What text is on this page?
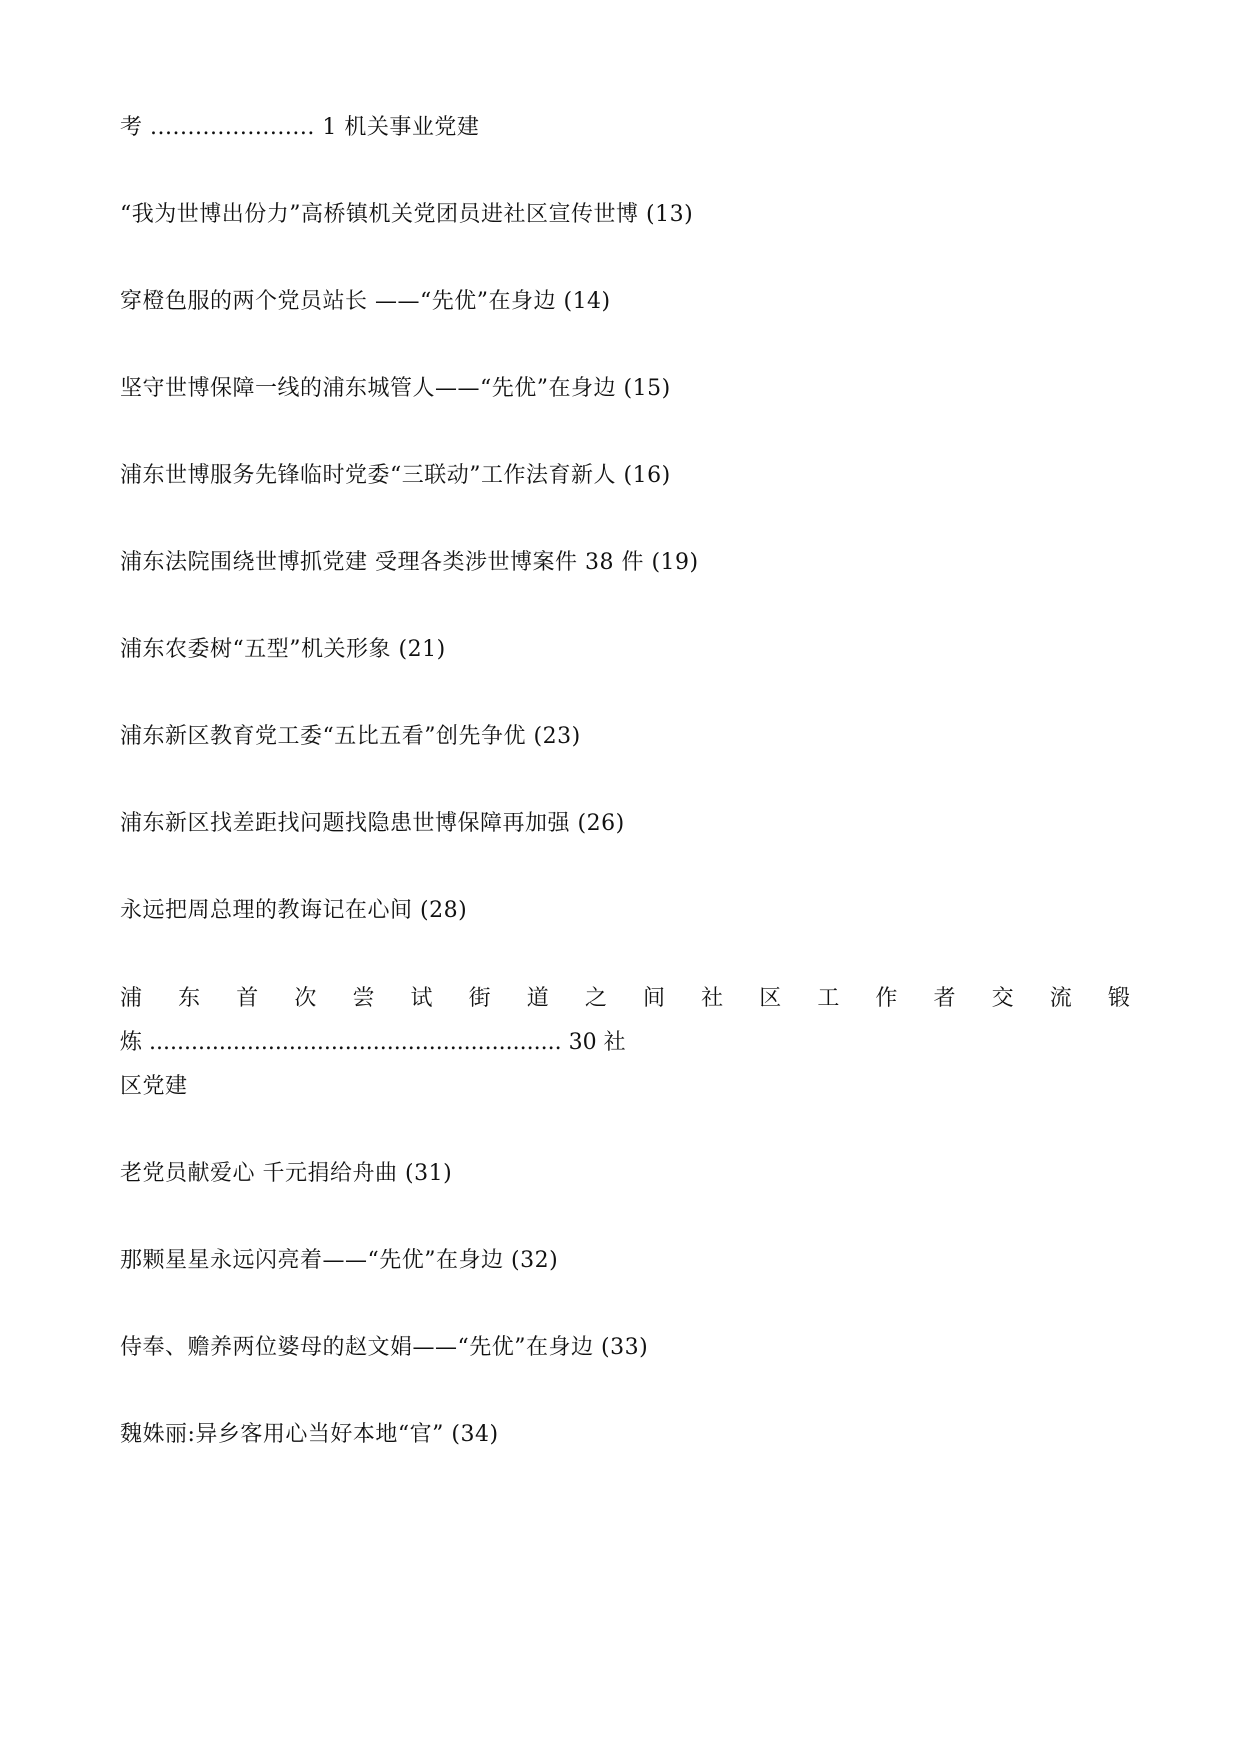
考 ...................... 1 机关事业党建
“我为世博出份力”高桥镇机关党团员进社区宣传世博 (13)
穿橙色服的两个党员站长 ——“先优”在身边 (14)
坚守世博保障一线的浦东城管人——“先优”在身边 (15)
浦东世博服务先锋临时党委“三联动”工作法育新人 (16)
浦东法院围绕世博抓党建 受理各类涉世博案件 38 件 (19)
浦东农委树“五型”机关形象 (21)
浦东新区教育党工委“五比五看”创先争优 (23)
浦东新区找差距找问题找隐患世博保障再加强 (26)
永远把周总理的教诲记在心间 (28)
浦 东 首 次 尝 试 街 道 之 间 社 区 工 作 者 交 流 锻
炼 ........................................................... 30 社
区党建
老党员献爱心 千元捐给舟曲 (31)
那颗星星永远闪亮着——“先优”在身边 (32)
侍奉、赡养两位婆母的赵文娟——“先优”在身边 (33)
魏姝丽:异乡客用心当好本地“官” (34)
